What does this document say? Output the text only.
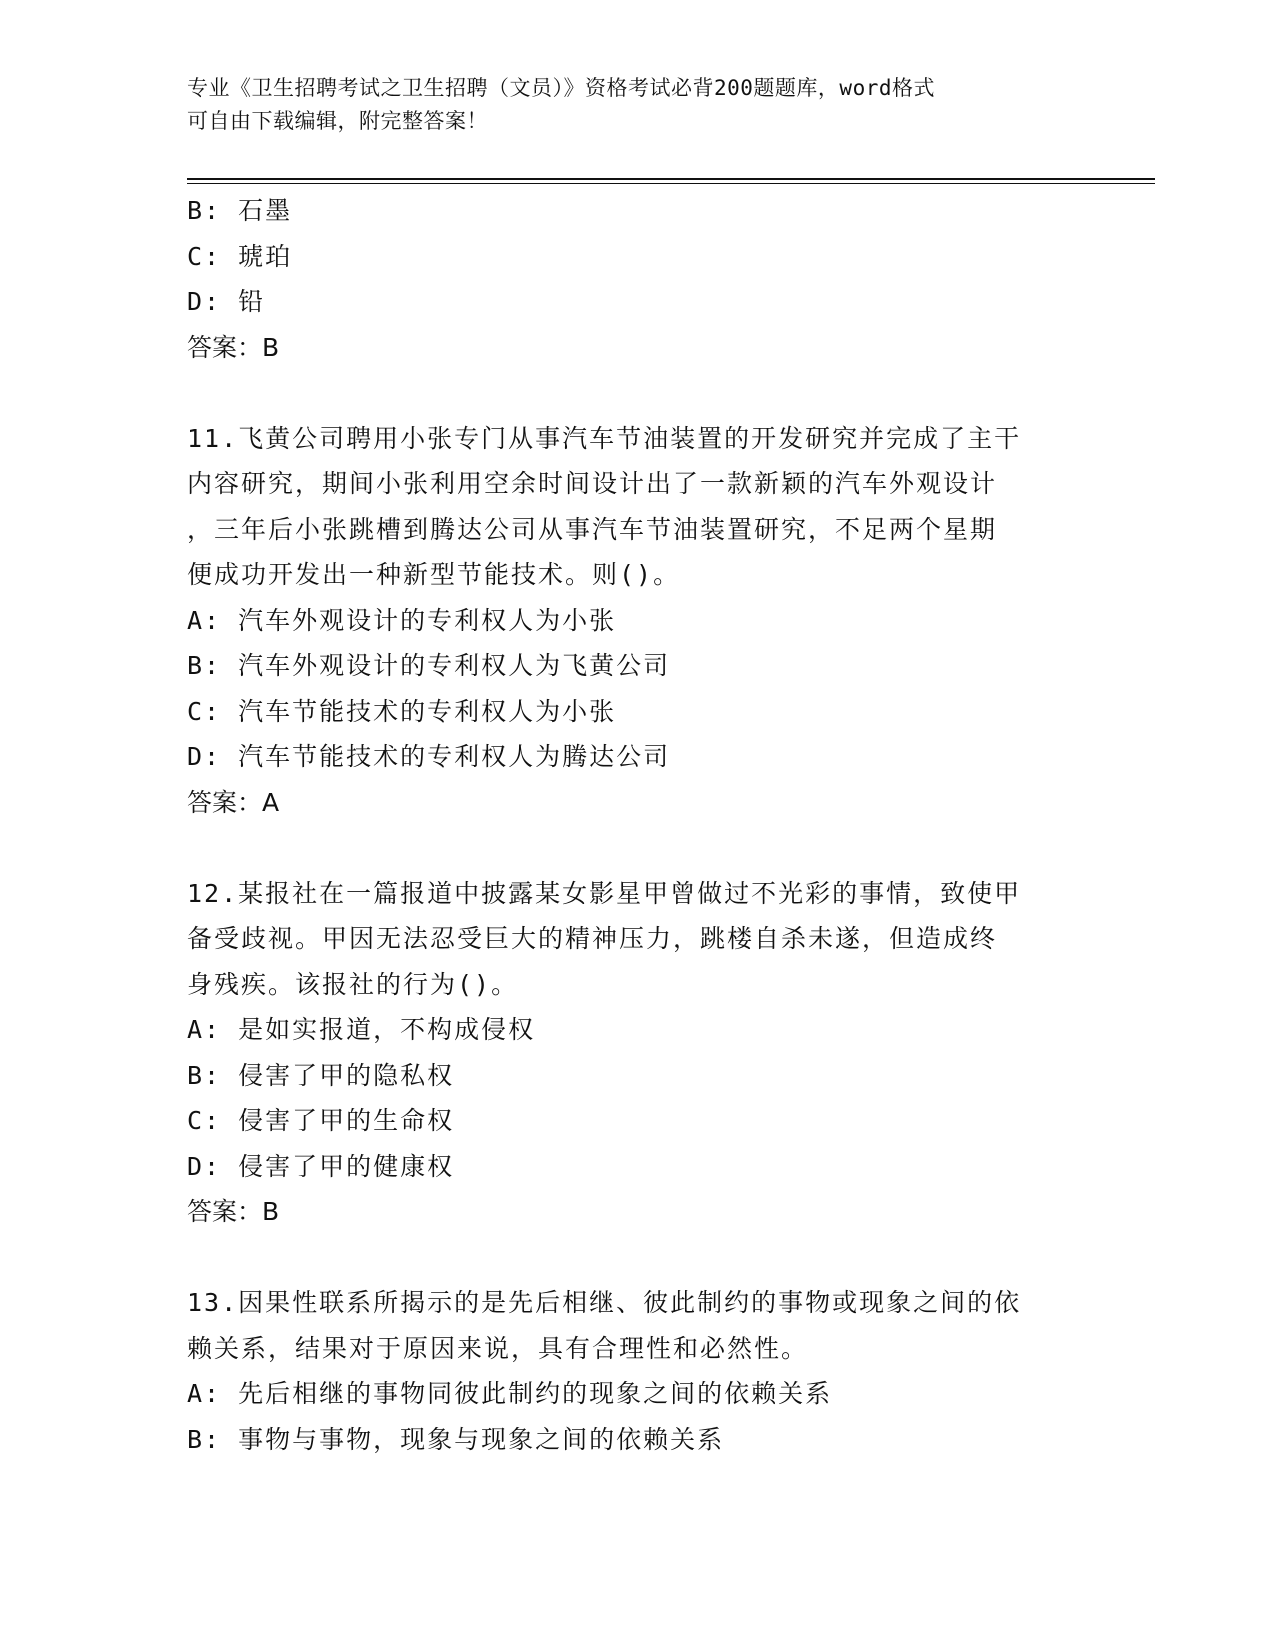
专业《卫生招聘考试之卫生招聘（文员）》资格考试必背200题题库，word格式
可自由下载编辑，附完整答案！
B: 石墨
C: 琥珀
D: 铅
答案：B
11.飞黄公司聘用小张专门从事汽车节油装置的开发研究并完成了主干
内容研究，期间小张利用空余时间设计出了一款新颖的汽车外观设计
，三年后小张跳槽到腾达公司从事汽车节油装置研究，不足两个星期
便成功开发出一种新型节能技术。则()。
A: 汽车外观设计的专利权人为小张
B: 汽车外观设计的专利权人为飞黄公司
C: 汽车节能技术的专利权人为小张
D: 汽车节能技术的专利权人为腾达公司
答案：A
12.某报社在一篇报道中披露某女影星甲曾做过不光彩的事情，致使甲
备受歧视。甲因无法忍受巨大的精神压力，跳楼自杀未遂，但造成终
身残疾。该报社的行为()。
A: 是如实报道，不构成侵权
B: 侵害了甲的隐私权
C: 侵害了甲的生命权
D: 侵害了甲的健康权
答案：B
13.因果性联系所揭示的是先后相继、彼此制约的事物或现象之间的依
赖关系，结果对于原因来说，具有合理性和必然性。
A: 先后相继的事物同彼此制约的现象之间的依赖关系
B: 事物与事物，现象与现象之间的依赖关系
